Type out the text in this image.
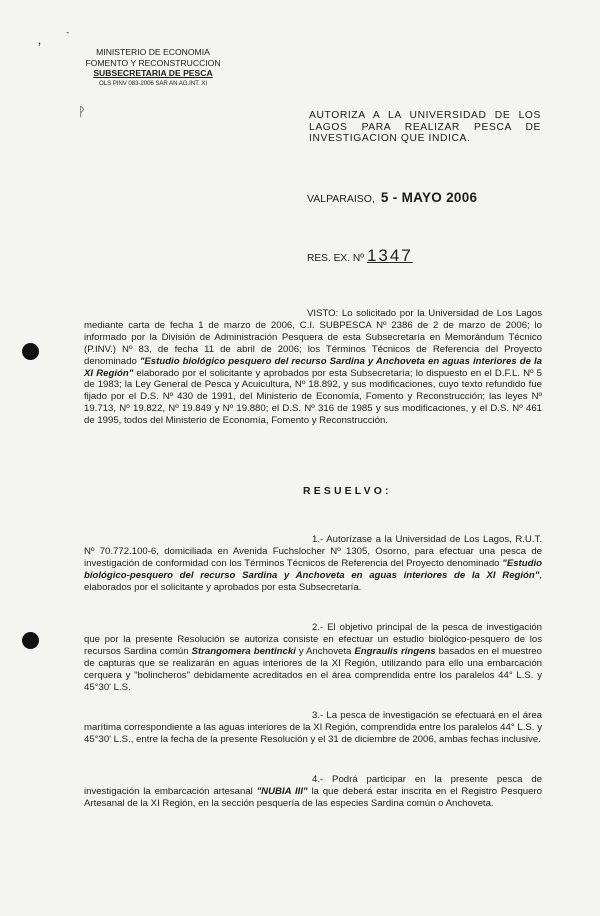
ʼ
˺
ᚹ
MINISTERIO DE ECONOMIA
FOMENTO Y RECONSTRUCCION
SUBSECRETARIA DE PESCA
OLS PINV 083-2006 SAR AN AG.INT. XI
AUTORIZA A LA UNIVERSIDAD DE LOS LAGOS PARA REALIZAR PESCA DE INVESTIGACION QUE INDICA.
VALPARAISO, 5 - MAYO 2006
RES. EX. Nº 1347
VISTO: Lo solicitado por la Universidad de Los Lagos mediante carta de fecha 1 de marzo de 2006, C.I. SUBPESCA Nº 2386 de 2 de marzo de 2006; lo informado por la División de Administración Pesquera de esta Subsecretaría en Memorándum Técnico (P.INV.) Nº 83, de fecha 11 de abril de 2006; los Términos Técnicos de Referencia del Proyecto denominado "Estudio biológico pesquero del recurso Sardina y Anchoveta en aguas interiores de la XI Región" elaborado por el solicitante y aprobados por esta Subsecretaría; lo dispuesto en el D.F.L. Nº 5 de 1983; la Ley General de Pesca y Acuicultura, Nº 18.892, y sus modificaciones, cuyo texto refundido fue fijado por el D.S. Nº 430 de 1991, del Ministerio de Economía, Fomento y Reconstrucción; las leyes Nº 19.713, Nº 19.822, Nº 19.849 y Nº 19.880; el D.S. Nº 316 de 1985 y sus modificaciones, y el D.S. Nº 461 de 1995, todos del Ministerio de Economía, Fomento y Reconstrucción.
RESUELVO:
1.- Autorízase a la Universidad de Los Lagos, R.U.T. Nº 70.772.100-6, domiciliada en Avenida Fuchslocher Nº 1305, Osorno, para efectuar una pesca de investigación de conformidad con los Términos Técnicos de Referencia del Proyecto denominado "Estudio biológico-pesquero del recurso Sardina y Anchoveta en aguas interiores de la XI Región", elaborados por el solicitante y aprobados por esta Subsecretaría.
2.- El objetivo principal de la pesca de investigación que por la presente Resolución se autoriza consiste en efectuar un estudio biológico-pesquero de los recursos Sardina común Strangomera bentincki y Anchoveta Engraulis ringens basados en el muestreo de capturas que se realizarán en aguas interiores de la XI Región, utilizando para ello una embarcación cerquera y "bolincheros" debidamente acreditados en el área comprendida entre los paralelos 44° L.S. y 45°30' L.S.
3.- La pesca de investigación se efectuará en el área marítima correspondiente a las aguas interiores de la XI Región, comprendida entre los paralelos 44° L.S. y 45°30' L.S., entre la fecha de la presente Resolución y el 31 de diciembre de 2006, ambas fechas inclusive.
4.- Podrá participar en la presente pesca de investigación la embarcación artesanal "NUBIA III" la que deberá estar inscrita en el Registro Pesquero Artesanal de la XI Región, en la sección pesquería de las especies Sardina común o Anchoveta.
